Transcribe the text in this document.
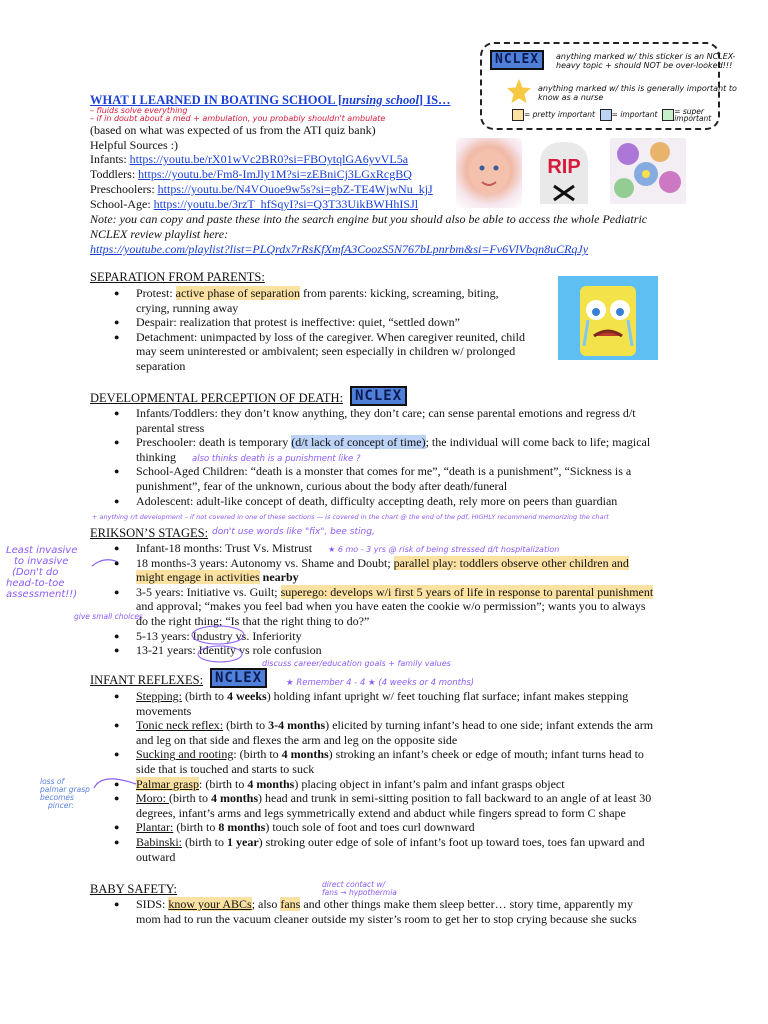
NCLEX	anything marked w/ this sticker is an NCLEX-
heavy topic + should NOT be over-looked!!!
anything marked w/ this is generally important to
know as a nurse
= pretty important = important = super
important
WHAT I LEARNED IN BOATING SCHOOL [nursing school] IS…
– fluids solve everything
– if in doubt about a med + ambulation, you probably shouldn't ambulate
(based on what was expected of us from the ATI quiz bank)
Helpful Sources :)
Infants: https://youtu.be/rX01wVc2BR0?si=FBOytqlGA6yvVL5a
Toddlers: https://youtu.be/Fm8-ImJly1M?si=zEBniCj3LGxRcgBQ
Preschoolers: https://youtu.be/N4VOuoe9w5s?si=gbZ-TE4WjwNu_kjJ
School-Age: https://youtu.be/3rzT_hfSqyI?si=Q3T33UikBWHhISJl
Note: you can copy and paste these into the search engine but you should also be able to access the whole Pediatric
NCLEX review playlist here:
https://youtube.com/playlist?list=PLQrdx7rRsKfXmfA3CoozS5N767bLpnrbm&si=Fv6VlVbqn8uCRqJy
RIP
SEPARATION FROM PARENTS:
● Protest: active phase of separation from parents: kicking, screaming, biting,
crying, running away
● Despair: realization that protest is ineffective: quiet, “settled down”
● Detachment: unimpacted by loss of the caregiver. When caregiver reunited, child
may seem uninterested or ambivalent; seen especially in children w/ prolonged
separation
DEVELOPMENTAL PERCEPTION OF DEATH: NCLEX
● Infants/Toddlers: they don’t know anything, they don’t care; can sense parental emotions and regress d/t
parental stress
● Preschooler: death is temporary (d/t lack of concept of time); the individual will come back to life; magical
thinking also thinks death is a punishment like ?
● School-Aged Children: “death is a monster that comes for me”, “death is a punishment”, “Sickness is a
punishment”, fear of the unknown, curious about the body after death/funeral
● Adolescent: adult-like concept of death, difficulty accepting death, rely more on peers than guardian
+ anything r/t development – if not covered in one of these sections — is covered in the chart @ the end of the pdf, HIGHLY recommend memorizing the chart
ERIKSON’S STAGES: don't use words like "fix", bee sting,
Least invasive
to invasive
(Don't do
head-to-toe
assessment!!)
● Infant-18 months: Trust Vs. Mistrust ★ 6 mo - 3 yrs @ risk of being stressed d/t hospitalization
● 18 months-3 years: Autonomy vs. Shame and Doubt; parallel play: toddlers observe other children and
might engage in activities nearby
● 3-5 years: Initiative vs. Guilt; superego: develops w/i first 5 years of life in response to parental punishment
and approval; “makes you feel bad when you have eaten the cookie w/o permission”; wants you to always
do the right thing; “Is that the right thing to do?”
● 5-13 years: Industry vs. Inferiority
● 13-21 years: Identity vs role confusion
give small choices
discuss career/education goals + family values
INFANT REFLEXES: NCLEX	★ Remember 4 - 4 ★ (4 weeks or 4 months)
● Stepping: (birth to 4 weeks) holding infant upright w/ feet touching flat surface; infant makes stepping
movements
● Tonic neck reflex: (birth to 3-4 months) elicited by turning infant’s head to one side; infant extends the arm
and leg on that side and flexes the arm and leg on the opposite side
● Sucking and rooting: (birth to 4 months) stroking an infant’s cheek or edge of mouth; infant turns head to
side that is touched and starts to suck
● Palmar grasp: (birth to 4 months) placing object in infant’s palm and infant grasps object
● Moro: (birth to 4 months) head and trunk in semi-sitting position to fall backward to an angle of at least 30
degrees, infant’s arms and legs symmetrically extend and abduct while fingers spread to form C shape
● Plantar: (birth to 8 months) touch sole of foot and toes curl downward
● Babinski: (birth to 1 year) stroking outer edge of sole of infant’s foot up toward toes, toes fan upward and
outward
loss of
palmar grasp
becomes
pincer:
BABY SAFETY:	direct contact w/
fans → hypothermia
● SIDS: know your ABCs; also fans and other things make them sleep better… story time, apparently my
mom had to run the vacuum cleaner outside my sister’s room to get her to stop crying because she sucks
